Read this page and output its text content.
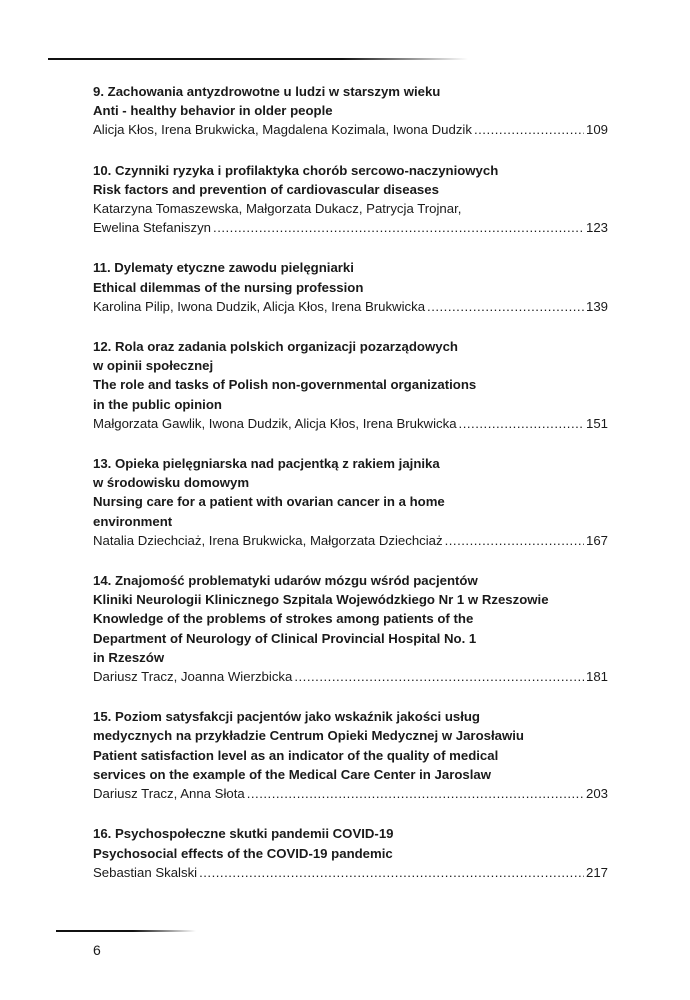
9. Zachowania antyzdrowotne u ludzi w starszym wieku
Anti - healthy behavior in older people
Alicja Kłos, Irena Brukwicka, Magdalena Kozimala, Iwona Dudzik .....	109
10. Czynniki ryzyka i profilaktyka chorób sercowo-naczyniowych
Risk factors and prevention of cardiovascular diseases
Katarzyna Tomaszewska, Małgorzata Dukacz, Patrycja Trojnar,
Ewelina Stefaniszyn .....	123
11. Dylematy etyczne zawodu pielęgniarki
Ethical dilemmas of the nursing profession
Karolina Pilip, Iwona Dudzik, Alicja Kłos, Irena Brukwicka .....	139
12. Rola oraz zadania polskich organizacji pozarządowych
w opinii społecznej
The role and tasks of Polish non-governmental organizations
in the public opinion
Małgorzata Gawlik, Iwona Dudzik, Alicja Kłos, Irena Brukwicka .....	151
13. Opieka pielęgniarska nad pacjentką z rakiem jajnika
w środowisku domowym
Nursing care for a patient with ovarian cancer in a home
environment
Natalia Dziechciaż, Irena Brukwicka, Małgorzata Dziechciaż .....	167
14. Znajomość problematyki udarów mózgu wśród pacjentów
Kliniki Neurologii Klinicznego Szpitala Wojewódzkiego Nr 1 w Rzeszowie
Knowledge of the problems of strokes among patients of the
Department of Neurology of Clinical Provincial Hospital No. 1
in Rzeszów
Dariusz Tracz, Joanna Wierzbicka .....	181
15. Poziom satysfakcji pacjentów jako wskaźnik jakości usług
medycznych na przykładzie Centrum Opieki Medycznej w Jarosławiu
Patient satisfaction level as an indicator of the quality of medical
services on the example of the Medical Care Center in Jaroslaw
Dariusz Tracz, Anna Słota .....	203
16. Psychospołeczne skutki pandemii COVID-19
Psychosocial effects of the COVID-19 pandemic
Sebastian Skalski .....	217
6
